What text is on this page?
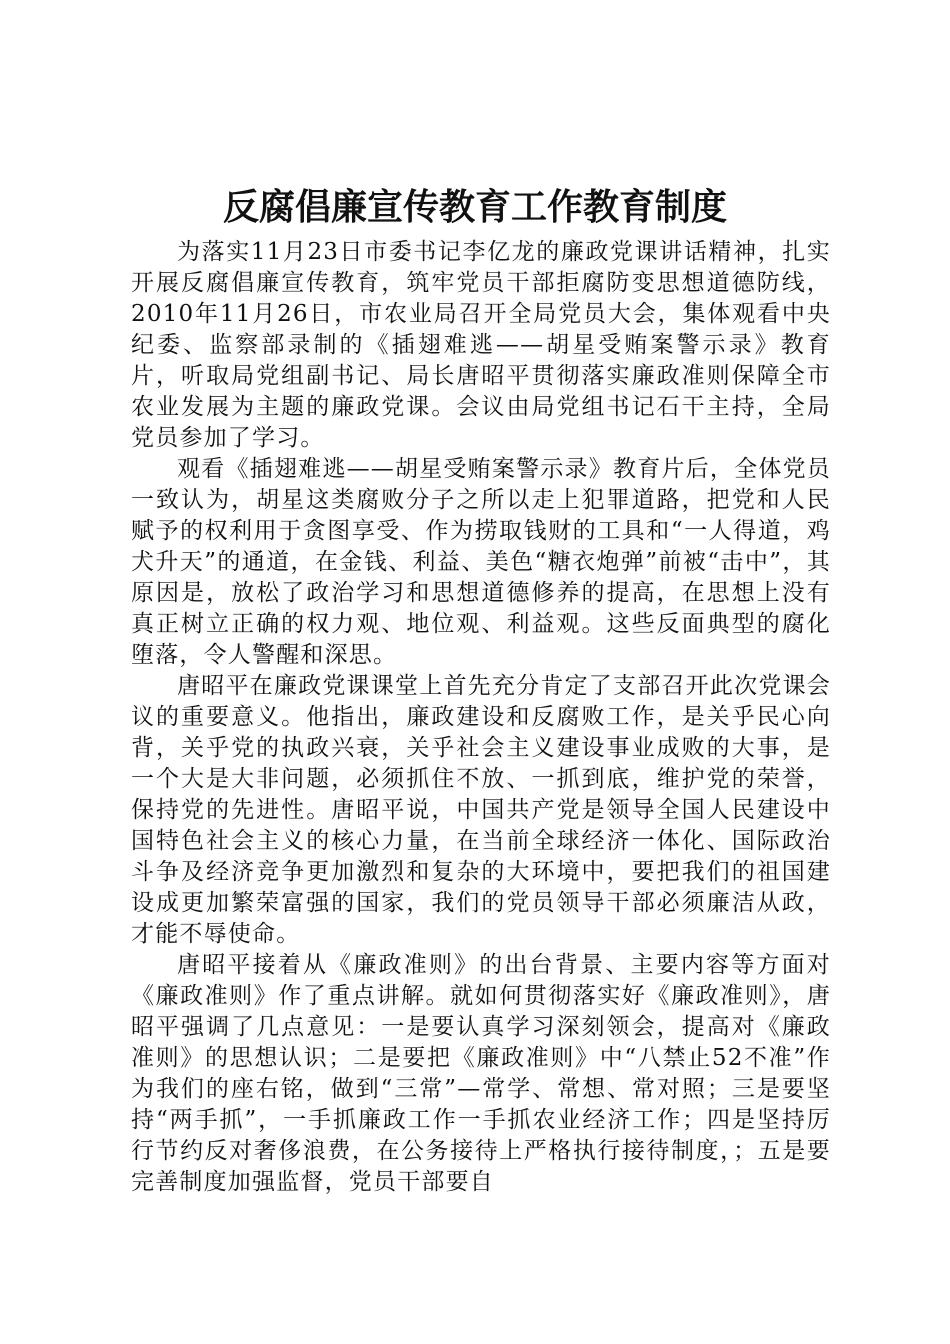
反腐倡廉宣传教育工作教育制度

为落实11月23日市委书记李亿龙的廉政党课讲话精神，扎实开展反腐倡廉宣传教育，筑牢党员干部拒腐防变思想道德防线，2010年11月26日，市农业局召开全局党员大会，集体观看中央纪委、监察部录制的《插翅难逃——胡星受贿案警示录》教育片，听取局党组副书记、局长唐昭平贯彻落实廉政准则保障全市农业发展为主题的廉政党课。会议由局党组书记石干主持，全局党员参加了学习。

观看《插翅难逃——胡星受贿案警示录》教育片后，全体党员一致认为，胡星这类腐败分子之所以走上犯罪道路，把党和人民赋予的权利用于贪图享受、作为捞取钱财的工具和“一人得道，鸡犬升天”的通道，在金钱、利益、美色“糖衣炮弹”前被“击中”，其原因是，放松了政治学习和思想道德修养的提高，在思想上没有真正树立正确的权力观、地位观、利益观。这些反面典型的腐化堕落，令人警醒和深思。

唐昭平在廉政党课课堂上首先充分肯定了支部召开此次党课会议的重要意义。他指出，廉政建设和反腐败工作，是关乎民心向背，关乎党的执政兴衰，关乎社会主义建设事业成败的大事，是一个大是大非问题，必须抓住不放、一抓到底，维护党的荣誉，保持党的先进性。唐昭平说，中国共产党是领导全国人民建设中国特色社会主义的核心力量，在当前全球经济一体化、国际政治斗争及经济竞争更加激烈和复杂的大环境中，要把我们的祖国建设成更加繁荣富强的国家，我们的党员领导干部必须廉洁从政，才能不辱使命。

唐昭平接着从《廉政准则》的出台背景、主要内容等方面对《廉政准则》作了重点讲解。就如何贯彻落实好《廉政准则》，唐昭平强调了几点意见：一是要认真学习深刻领会，提高对《廉政准则》的思想认识；二是要把《廉政准则》中“八禁止52不准”作为我们的座右铭，做到“三常”—常学、常想、常对照；三是要坚持“两手抓”，一手抓廉政工作一手抓农业经济工作；四是坚持厉行节约反对奢侈浪费，在公务接待上严格执行接待制度，；五是要完善制度加强监督，党员干部要自
